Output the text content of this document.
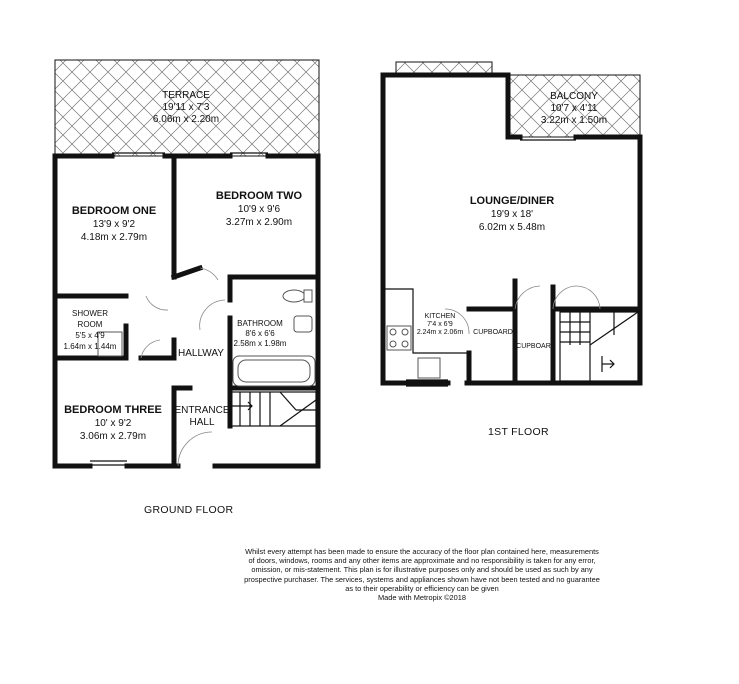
TERRACE
19'11 x 7'3
6.06m x 2.20m
BEDROOM ONE
13'9 x 9'2
4.18m x 2.79m
BEDROOM TWO
10'9 x 9'6
3.27m x 2.90m
SHOWER
ROOM
5'5 x 4'9
1.64m x 1.44m
BATHROOM
8'6 x 6'6
2.58m x 1.98m
HALLWAY
ENTRANCE
HALL
BEDROOM THREE
10' x 9'2
3.06m x 2.79m
BALCONY
10'7 x 4'11
3.22m x 1.50m
LOUNGE/DINER
19'9 x 18'
6.02m x 5.48m
KITCHEN
7'4 x 6'9
2.24m x 2.06m CUPBOARD
CUPBOARD
GROUND FLOOR
1ST FLOOR
Whilst every attempt has been made to ensure the accuracy of the floor plan contained here, measurements
of doors, windows, rooms and any other items are approximate and no responsibility is taken for any error,
omission, or mis-statement. This plan is for illustrative purposes only and should be used as such by any
prospective purchaser. The services, systems and appliances shown have not been tested and no guarantee
as to their operability or efficiency can be given
Made with Metropix ©2018
